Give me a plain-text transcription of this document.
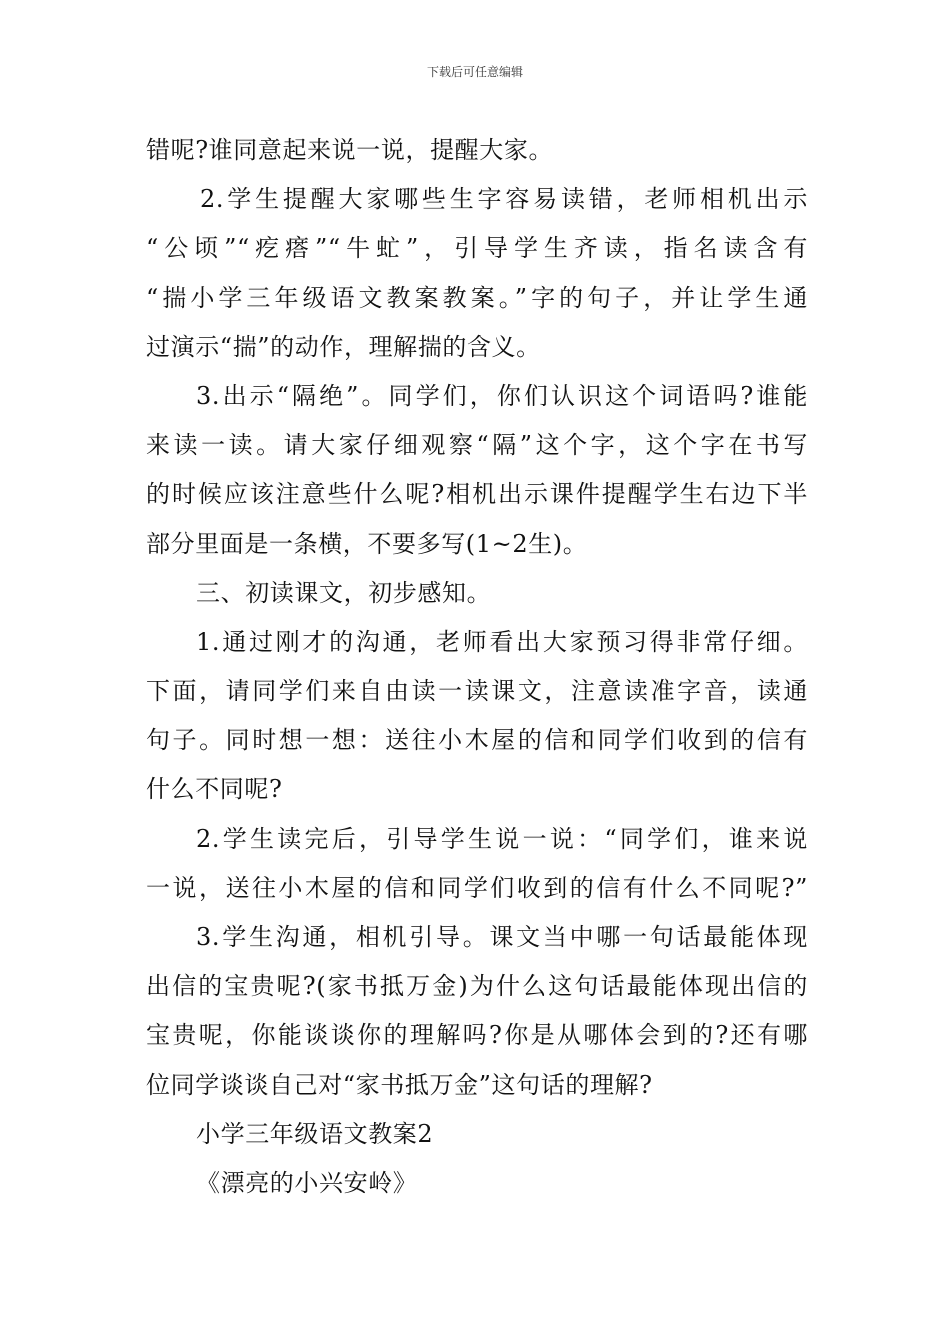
下载后可任意编辑
错呢?谁同意起来说一说，提醒大家。
2.学生提醒大家哪些生字容易读错，老师相机出示
“公顷”“疙瘩”“牛虻”，引导学生齐读，指名读含有
“揣小学三年级语文教案教案。”字的句子，并让学生通
过演示“揣”的动作，理解揣的含义。
3.出示“隔绝”。同学们，你们认识这个词语吗?谁能
来读一读。请大家仔细观察“隔”这个字，这个字在书写
的时候应该注意些什么呢?相机出示课件提醒学生右边下半
部分里面是一条横，不要多写(1~2生)。
三、初读课文，初步感知。
1.通过刚才的沟通，老师看出大家预习得非常仔细。
下面，请同学们来自由读一读课文，注意读准字音，读通
句子。同时想一想：送往小木屋的信和同学们收到的信有
什么不同呢?
2.学生读完后，引导学生说一说：“同学们，谁来说
一说，送往小木屋的信和同学们收到的信有什么不同呢?”
3.学生沟通，相机引导。课文当中哪一句话最能体现
出信的宝贵呢?(家书抵万金)为什么这句话最能体现出信的
宝贵呢，你能谈谈你的理解吗?你是从哪体会到的?还有哪
位同学谈谈自己对“家书抵万金”这句话的理解?
小学三年级语文教案2
《漂亮的小兴安岭》
